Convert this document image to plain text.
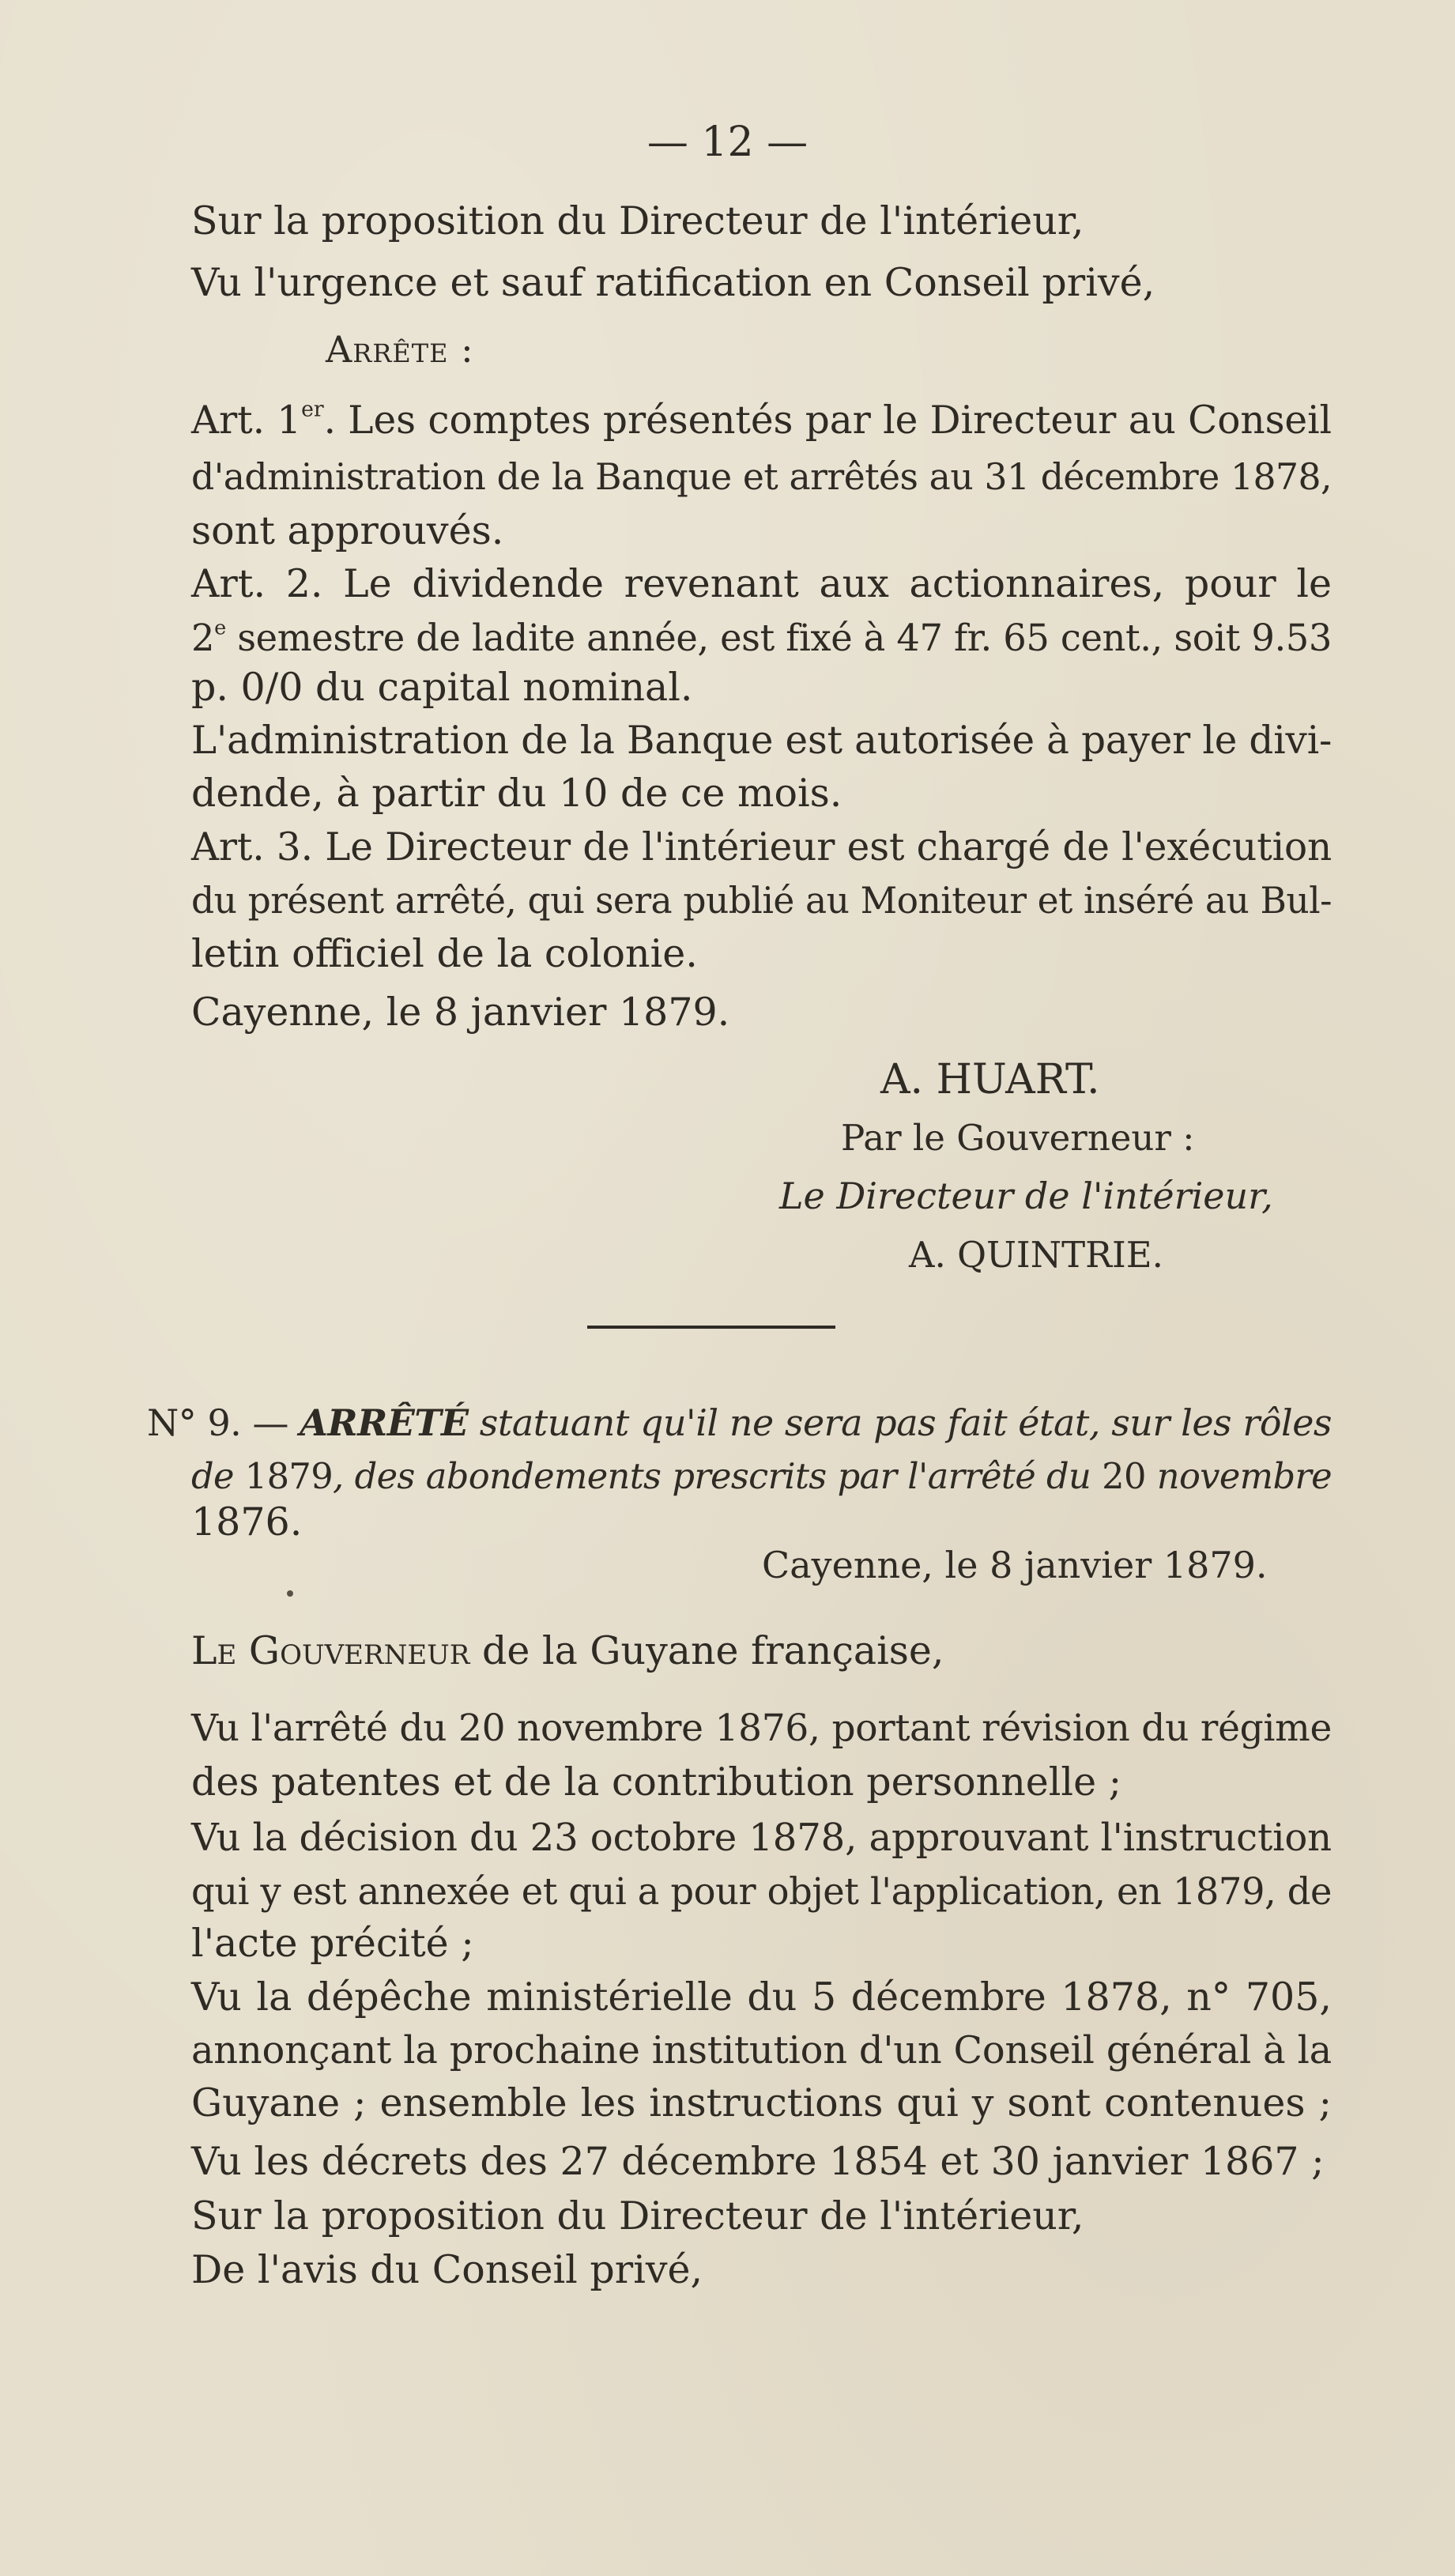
— 12 —

Sur la proposition du Directeur de l'intérieur,

Vu l'urgence et sauf ratification en Conseil privé,

Arrête :

Art. 1er. Les comptes présentés par le Directeur au Conseil

d'administration de la Banque et arrêtés au 31 décembre 1878,

sont approuvés.

Art. 2. Le dividende revenant aux actionnaires, pour le

2e semestre de ladite année, est fixé à 47 fr. 65 cent., soit 9.53

p. 0/0 du capital nominal.

L'administration de la Banque est autorisée à payer le divi-

dende, à partir du 10 de ce mois.

Art. 3. Le Directeur de l'intérieur est chargé de l'exécution

du présent arrêté, qui sera publié au Moniteur et inséré au Bul-

letin officiel de la colonie.

Cayenne, le 8 janvier 1879.

A. HUART.
Par le Gouverneur :
Le Directeur de l'intérieur,
A. QUINTRIE.

N° 9. — ARRÊTÉ statuant qu'il ne sera pas fait état, sur les rôles

de 1879, des abondements prescrits par l'arrêté du 20 novembre

1876.

Cayenne, le 8 janvier 1879.

Le Gouverneur de la Guyane française,

Vu l'arrêté du 20 novembre 1876, portant révision du régime

des patentes et de la contribution personnelle ;

Vu la décision du 23 octobre 1878, approuvant l'instruction

qui y est annexée et qui a pour objet l'application, en 1879, de

l'acte précité ;

Vu la dépêche ministérielle du 5 décembre 1878, n° 705,

annonçant la prochaine institution d'un Conseil général à la

Guyane ; ensemble les instructions qui y sont contenues ;

Vu les décrets des 27 décembre 1854 et 30 janvier 1867 ;

Sur la proposition du Directeur de l'intérieur,

De l'avis du Conseil privé,
